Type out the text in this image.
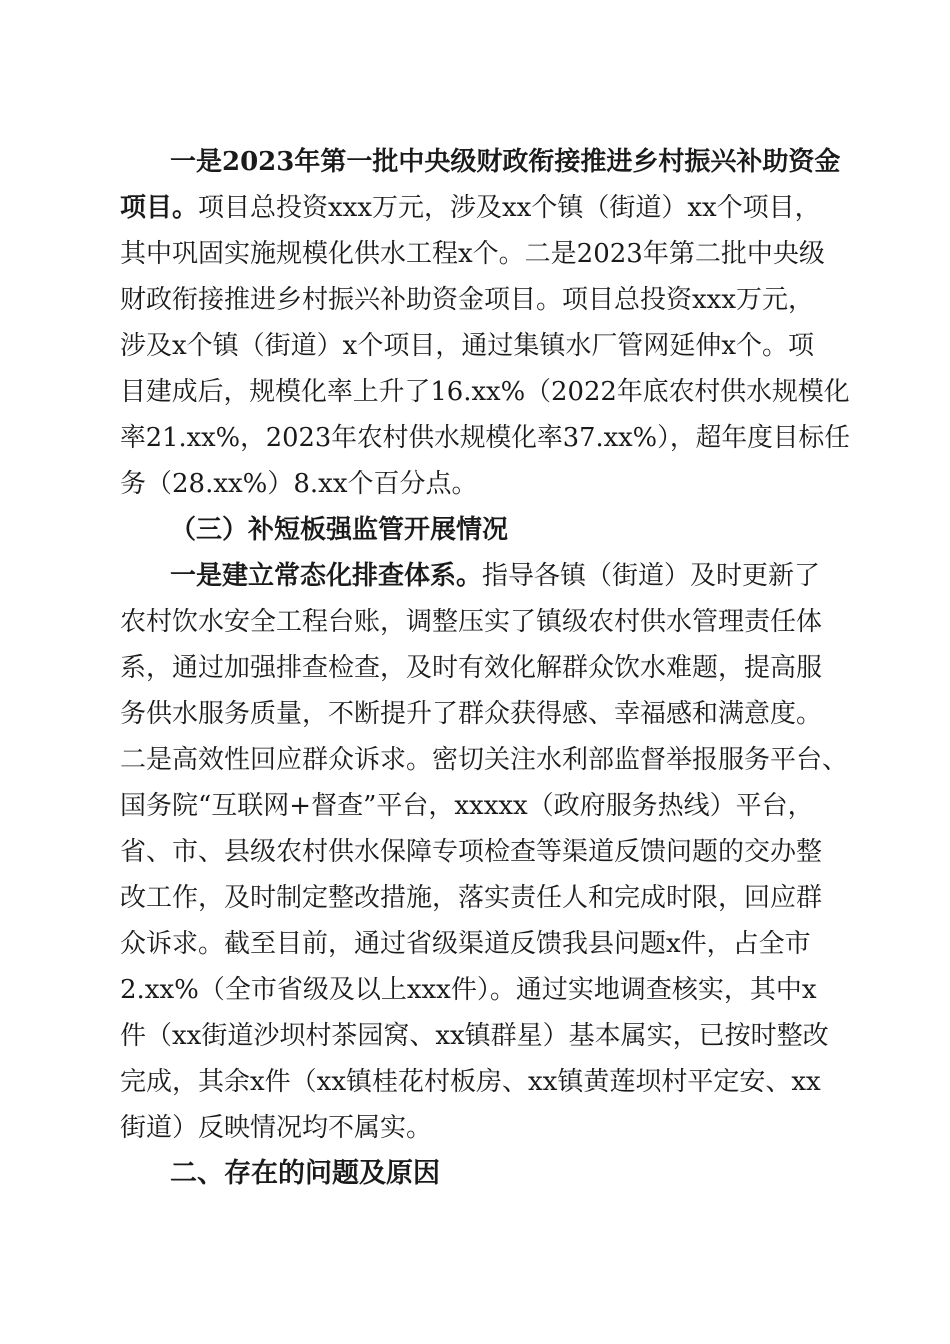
一是2023年第一批中央级财政衔接推进乡村振兴补助资金
项目。项目总投资xxx万元，涉及xx个镇（街道）xx个项目，
其中巩固实施规模化供水工程x个。二是2023年第二批中央级
财政衔接推进乡村振兴补助资金项目。项目总投资xxx万元，
涉及x个镇（街道）x个项目，通过集镇水厂管网延伸x个。项
目建成后，规模化率上升了16.xx%（2022年底农村供水规模化
率21.xx%，2023年农村供水规模化率37.xx%），超年度目标任
务（28.xx%）8.xx个百分点。
（三）补短板强监管开展情况
一是建立常态化排查体系。指导各镇（街道）及时更新了
农村饮水安全工程台账，调整压实了镇级农村供水管理责任体
系，通过加强排查检查，及时有效化解群众饮水难题，提高服
务供水服务质量，不断提升了群众获得感、幸福感和满意度。
二是高效性回应群众诉求。密切关注水利部监督举报服务平台、
国务院“互联网+督查”平台，xxxxx（政府服务热线）平台，
省、市、县级农村供水保障专项检查等渠道反馈问题的交办整
改工作，及时制定整改措施，落实责任人和完成时限，回应群
众诉求。截至目前，通过省级渠道反馈我县问题x件，占全市
2.xx%（全市省级及以上xxx件）。通过实地调查核实，其中x
件（xx街道沙坝村茶园窝、xx镇群星）基本属实，已按时整改
完成，其余x件（xx镇桂花村板房、xx镇黄莲坝村平定安、xx
街道）反映情况均不属实。
二、存在的问题及原因
